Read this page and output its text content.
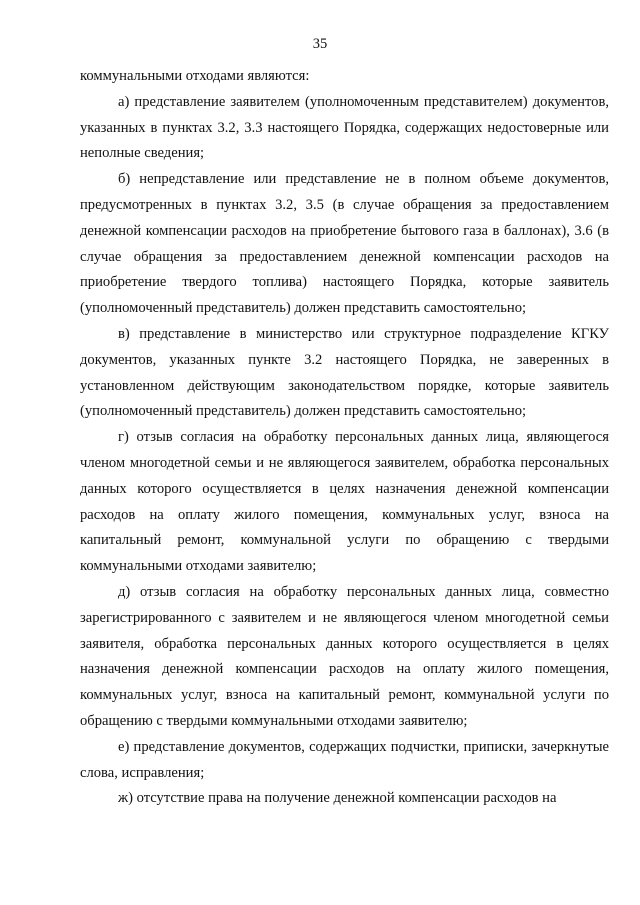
35

коммунальными отходами являются:

а) представление заявителем (уполномоченным представителем) документов, указанных в пунктах 3.2, 3.3 настоящего Порядка, содержащих недостоверные или неполные сведения;

б) непредставление или представление не в полном объеме документов, предусмотренных в пунктах 3.2, 3.5 (в случае обращения за предоставлением денежной компенсации расходов на приобретение бытового газа в баллонах), 3.6 (в случае обращения за предоставлением денежной компенсации расходов на приобретение твердого топлива) настоящего Порядка, которые заявитель (уполномоченный представитель) должен представить самостоятельно;

в) представление в министерство или структурное подразделение КГКУ документов, указанных пункте 3.2 настоящего Порядка, не заверенных в установленном действующим законодательством порядке, которые заявитель (уполномоченный представитель) должен представить самостоятельно;

г) отзыв согласия на обработку персональных данных лица, являющегося членом многодетной семьи и не являющегося заявителем, обработка персональных данных которого осуществляется в целях назначения денежной компенсации расходов на оплату жилого помещения, коммунальных услуг, взноса на капитальный ремонт, коммунальной услуги по обращению с твердыми коммунальными отходами заявителю;

д) отзыв согласия на обработку персональных данных лица, совместно зарегистрированного с заявителем и не являющегося членом многодетной семьи заявителя, обработка персональных данных которого осуществляется в целях назначения денежной компенсации расходов на оплату жилого помещения, коммунальных услуг, взноса на капитальный ремонт, коммунальной услуги по обращению с твердыми коммунальными отходами заявителю;

е) представление документов, содержащих подчистки, приписки, зачеркнутые слова, исправления;

ж) отсутствие права на получение денежной компенсации расходов на
